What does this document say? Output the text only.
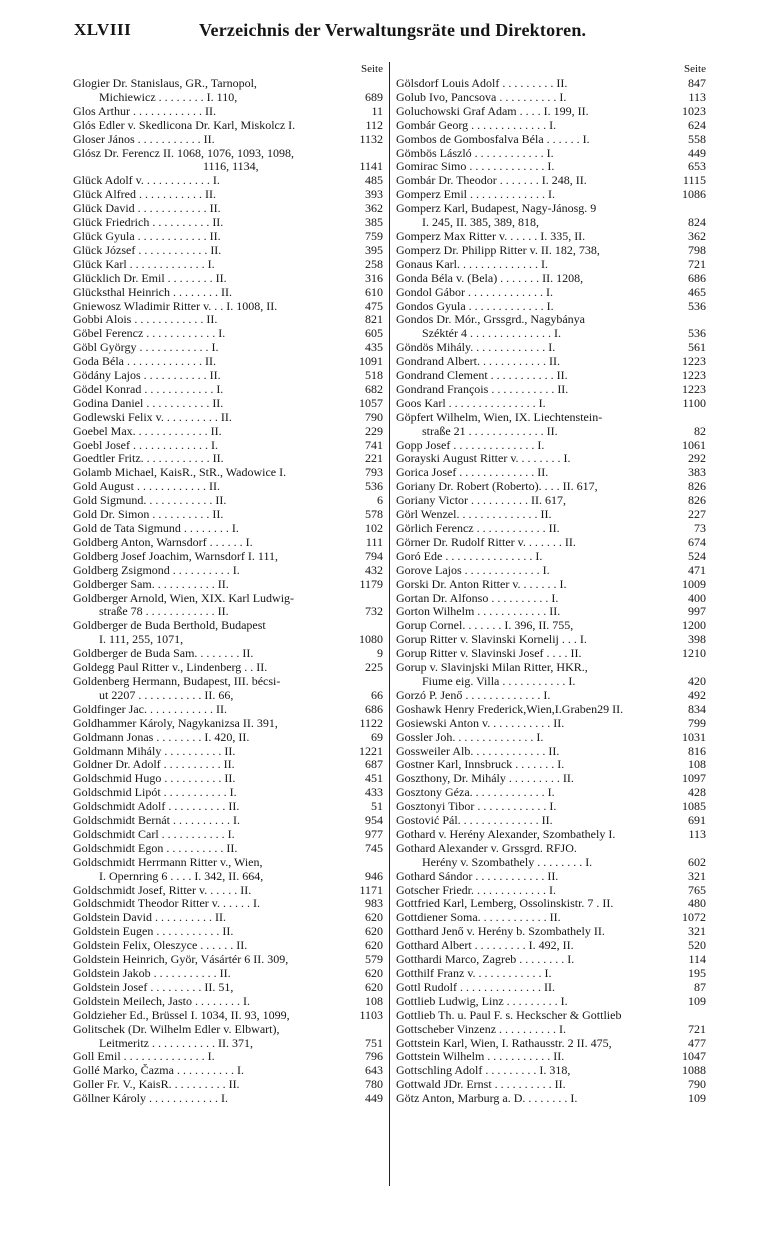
XLVIII	Verzeichnis der Verwaltungsräte und Direktoren.
Seite
Glogier Dr. Stanislaus, GR., Tarnopol,
Michiewicz . . . . . . . . I. 110,	689
Glos Arthur . . . . . . . . . . . . II.	11
Glós Edler v. Skedlicona Dr. Karl, Miskolcz I.	112
Gloser János . . . . . . . . . . . II.	1132
Glósz Dr. Ferencz II. 1068, 1076, 1093, 1098,
1116, 1134,	1141
Glück Adolf v. . . . . . . . . . . . I.	485
Glück Alfred . . . . . . . . . . . II.	393
Glück David . . . . . . . . . . . . II.	362
Glück Friedrich . . . . . . . . . . II.	385
Glück Gyula . . . . . . . . . . . . II.	759
Glück József . . . . . . . . . . . . II.	395
Glück Karl . . . . . . . . . . . . . I.	258
Glücklich Dr. Emil . . . . . . . . II.	316
Glücksthal Heinrich . . . . . . . . II.	610
Gniewosz Wladimir Ritter v. . . I. 1008, II.	475
Gobbi Alois . . . . . . . . . . . . II.	821
Göbel Ferencz . . . . . . . . . . . . I.	605
Göbl György . . . . . . . . . . . . I.	435
Goda Béla . . . . . . . . . . . . . II.	1091
Gödány Lajos . . . . . . . . . . . II.	518
Gödel Konrad . . . . . . . . . . . . I.	682
Godina Daniel . . . . . . . . . . . II.	1057
Godlewski Felix v. . . . . . . . . . II.	790
Goebel Max. . . . . . . . . . . . . II.	229
Goebl Josef . . . . . . . . . . . . . I.	741
Goedtler Fritz. . . . . . . . . . . . II.	221
Golamb Michael, KaisR., StR., Wadowice I.	793
Gold August . . . . . . . . . . . . II.	536
Gold Sigmund. . . . . . . . . . . . II.	6
Gold Dr. Simon . . . . . . . . . . II.	578
Gold de Tata Sigmund . . . . . . . . I.	102
Goldberg Anton, Warnsdorf . . . . . . I.	111
Goldberg Josef Joachim, Warnsdorf I. 111,	794
Goldberg Zsigmond . . . . . . . . . . I.	432
Goldberger Sam. . . . . . . . . . . II.	1179
Goldberger Arnold, Wien, XIX. Karl Ludwig-
straße 78 . . . . . . . . . . . . II.	732
Goldberger de Buda Berthold, Budapest
I. 111, 255, 1071,	1080
Goldberger de Buda Sam. . . . . . . . II.	9
Goldegg Paul Ritter v., Lindenberg . . II.	225
Goldenberg Hermann, Budapest, III. bécsi-
ut 2207 . . . . . . . . . . . II. 66,	66
Goldfinger Jac. . . . . . . . . . . . II.	686
Goldhammer Károly, Nagykanizsa II. 391,	1122
Goldmann Jonas . . . . . . . . I. 420, II.	69
Goldmann Mihály . . . . . . . . . . II.	1221
Goldner Dr. Adolf . . . . . . . . . . II.	687
Goldschmid Hugo . . . . . . . . . . II.	451
Goldschmid Lipót . . . . . . . . . . . I.	433
Goldschmidt Adolf . . . . . . . . . . II.	51
Goldschmidt Bernát . . . . . . . . . . I.	954
Goldschmidt Carl . . . . . . . . . . . I.	977
Goldschmidt Egon . . . . . . . . . . II.	745
Goldschmidt Herrmann Ritter v., Wien,
I. Opernring 6 . . . . I. 342, II. 664,	946
Goldschmidt Josef, Ritter v. . . . . . II.	1171
Goldschmidt Theodor Ritter v. . . . . . I.	983
Goldstein David . . . . . . . . . . II.	620
Goldstein Eugen . . . . . . . . . . . II.	620
Goldstein Felix, Oleszyce . . . . . . II.	620
Goldstein Heinrich, Györ, Vásártér 6 II. 309,	579
Goldstein Jakob . . . . . . . . . . . II.	620
Goldstein Josef . . . . . . . . . II. 51,	620
Goldstein Meilech, Jasto . . . . . . . . I.	108
Goldzieher Ed., Brüssel I. 1034, II. 93, 1099,	1103
Golitschek (Dr. Wilhelm Edler v. Elbwart),
Leitmeritz . . . . . . . . . . . II. 371,	751
Goll Emil . . . . . . . . . . . . . . I.	796
Gollé Marko, Čazma . . . . . . . . . . I.	643
Goller Fr. V., KaisR. . . . . . . . . . II.	780
Göllner Károly . . . . . . . . . . . . I.	449
Seite
Gölsdorf Louis Adolf . . . . . . . . . II.	847
Golub Ivo, Pancsova . . . . . . . . . . I.	113
Goluchowski Graf Adam . . . . I. 199, II.	1023
Gombár Georg . . . . . . . . . . . . . I.	624
Gombos de Gombosfalva Béla . . . . . . I.	558
Gömbös László . . . . . . . . . . . . I.	449
Gomirac Simo . . . . . . . . . . . . . I.	653
Gombár Dr. Theodor . . . . . . . I. 248, II.	1115
Gomperz Emil . . . . . . . . . . . . . I.	1086
Gomperz Karl, Budapest, Nagy-Jánosg. 9
I. 245, II. 385, 389, 818,	824
Gomperz Max Ritter v. . . . . . I. 335, II.	362
Gomperz Dr. Philipp Ritter v. II. 182, 738,	798
Gonaus Karl. . . . . . . . . . . . . . I.	721
Gonda Béla v. (Bela) . . . . . . . II. 1208,	686
Gondol Gábor . . . . . . . . . . . . . I.	465
Gondos Gyula . . . . . . . . . . . . . I.	536
Gondos Dr. Mór., Grssgrd., Nagybánya
Széktér 4 . . . . . . . . . . . . . . I.	536
Göndös Mihály. . . . . . . . . . . . . I.	561
Gondrand Albert. . . . . . . . . . . . II.	1223
Gondrand Clement . . . . . . . . . . . II.	1223
Gondrand François . . . . . . . . . . . II.	1223
Goos Karl . . . . . . . . . . . . . . . I.	1100
Göpfert Wilhelm, Wien, IX. Liechtenstein-
straße 21 . . . . . . . . . . . . . II.	82
Gopp Josef . . . . . . . . . . . . . . I.	1061
Gorayski August Ritter v. . . . . . . . I.	292
Gorica Josef . . . . . . . . . . . . . II.	383
Goriany Dr. Robert (Roberto). . . . II. 617,	826
Goriany Victor . . . . . . . . . . II. 617,	826
Görl Wenzel. . . . . . . . . . . . . . II.	227
Görlich Ferencz . . . . . . . . . . . . II.	73
Görner Dr. Rudolf Ritter v. . . . . . . II.	674
Goró Ede . . . . . . . . . . . . . . . I.	524
Gorove Lajos . . . . . . . . . . . . . I.	471
Gorski Dr. Anton Ritter v. . . . . . . I.	1009
Gortan Dr. Alfonso . . . . . . . . . . I.	400
Gorton Wilhelm . . . . . . . . . . . . II.	997
Gorup Cornel. . . . . . . I. 396, II. 755,	1200
Gorup Ritter v. Slavinski Kornelij . . . I.	398
Gorup Ritter v. Slavinski Josef . . . . II.	1210
Gorup v. Slavinjski Milan Ritter, HKR.,
Fiume eig. Villa . . . . . . . . . . . I.	420
Gorzó P. Jenő . . . . . . . . . . . . . I.	492
Goshawk Henry Frederick,Wien,I.Graben29 II.	834
Gosiewski Anton v. . . . . . . . . . . II.	799
Gossler Joh. . . . . . . . . . . . . . I.	1031
Gossweiler Alb. . . . . . . . . . . . . II.	816
Gostner Karl, Innsbruck . . . . . . . I.	108
Goszthony, Dr. Mihály . . . . . . . . . II.	1097
Gosztony Géza. . . . . . . . . . . . . I.	428
Gosztonyi Tibor . . . . . . . . . . . . I.	1085
Gostović Pál. . . . . . . . . . . . . . II.	691
Gothard v. Herény Alexander, Szombathely I.	113
Gothard Alexander v. Grssgrd. RFJO.
Herény v. Szombathely . . . . . . . . I.	602
Gothard Sándor . . . . . . . . . . . . II.	321
Gotscher Friedr. . . . . . . . . . . . . I.	765
Gottfried Karl, Lemberg, Ossolinskistr. 7 . II.	480
Gottdiener Soma. . . . . . . . . . . . II.	1072
Gotthard Jenő v. Herény b. Szombathely II.	321
Gotthard Albert . . . . . . . . . I. 492, II.	520
Gotthardi Marco, Zagreb . . . . . . . . I.	114
Gotthilf Franz v. . . . . . . . . . . . I.	195
Gottl Rudolf . . . . . . . . . . . . . . II.	87
Gottlieb Ludwig, Linz . . . . . . . . . I.	109
Gottlieb Th. u. Paul F. s. Heckscher & Gottlieb
Gottscheber Vinzenz . . . . . . . . . . I.	721
Gottstein Karl, Wien, I. Rathausstr. 2 II. 475,	477
Gottstein Wilhelm . . . . . . . . . . . II.	1047
Gottschling Adolf . . . . . . . . . I. 318,	1088
Gottwald JDr. Ernst . . . . . . . . . . II.	790
Götz Anton, Marburg a. D. . . . . . . . I.	109
